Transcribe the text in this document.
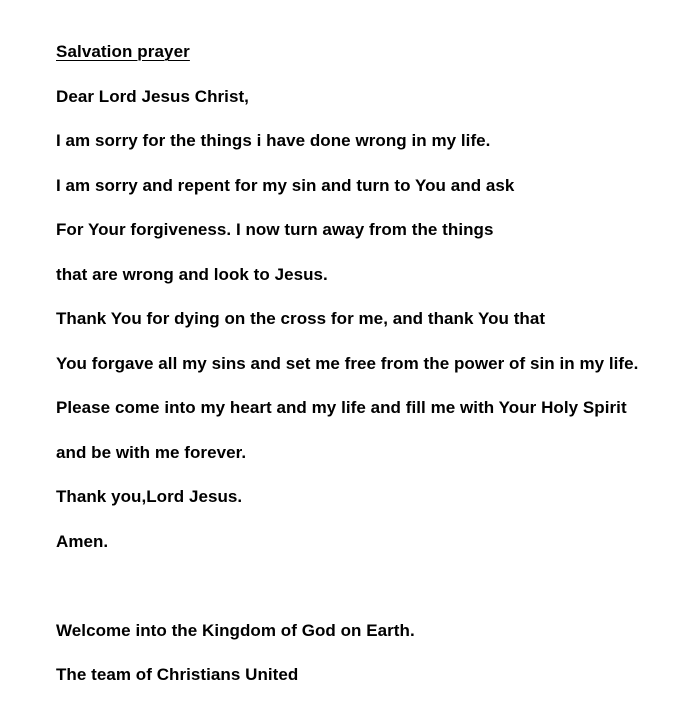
Salvation prayer

Dear Lord Jesus Christ,

I am sorry for the things i have done wrong in my life.

I am sorry and repent for my sin and turn to You and ask

For Your forgiveness. I now turn away from the things

that are wrong and look to Jesus.

Thank You for dying on the cross for me, and thank You that

You forgave all my sins and set me free from the power of sin in my life.

Please come into my heart and my life and fill me with Your Holy Spirit

and be with me forever.

Thank you,Lord Jesus.

Amen.

Welcome into the Kingdom of God on Earth.

The team of Christians United
